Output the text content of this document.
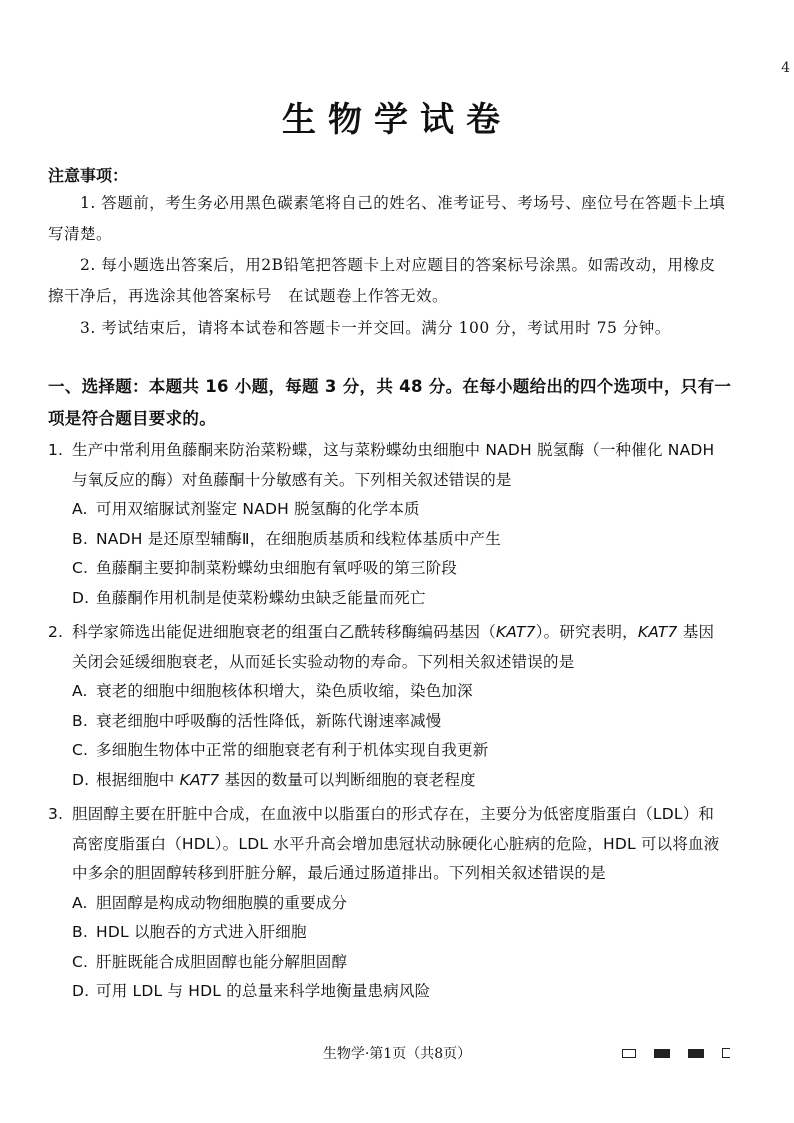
4
生物学试卷
注意事项：
1. 答题前，考生务必用黑色碳素笔将自己的姓名、准考证号、考场号、座位号在答题卡上填写清楚。
2. 每小题选出答案后，用2B铅笔把答题卡上对应题目的答案标号涂黑。如需改动，用橡皮擦干净后，再选涂其他答案标号　在试题卷上作答无效。
3. 考试结束后，请将本试卷和答题卡一并交回。满分 100 分，考试用时 75 分钟。
一、选择题：本题共 16 小题，每题 3 分，共 48 分。在每小题给出的四个选项中，只有一项是符合题目要求的。
1. 生产中常利用鱼藤酮来防治菜粉蝶，这与菜粉蝶幼虫细胞中 NADH 脱氢酶（一种催化 NADH 与氧反应的酶）对鱼藤酮十分敏感有关。下列相关叙述错误的是
A. 可用双缩脲试剂鉴定 NADH 脱氢酶的化学本质
B. NADH 是还原型辅酶Ⅱ，在细胞质基质和线粒体基质中产生
C. 鱼藤酮主要抑制菜粉蝶幼虫细胞有氧呼吸的第三阶段
D. 鱼藤酮作用机制是使菜粉蝶幼虫缺乏能量而死亡
2. 科学家筛选出能促进细胞衰老的组蛋白乙酰转移酶编码基因（KAT7）。研究表明，KAT7 基因关闭会延缓细胞衰老，从而延长实验动物的寿命。下列相关叙述错误的是
A. 衰老的细胞中细胞核体积增大，染色质收缩，染色加深
B. 衰老细胞中呼吸酶的活性降低，新陈代谢速率减慢
C. 多细胞生物体中正常的细胞衰老有利于机体实现自我更新
D. 根据细胞中 KAT7 基因的数量可以判断细胞的衰老程度
3. 胆固醇主要在肝脏中合成，在血液中以脂蛋白的形式存在，主要分为低密度脂蛋白（LDL）和高密度脂蛋白（HDL）。LDL 水平升高会增加患冠状动脉硬化心脏病的危险，HDL 可以将血液中多余的胆固醇转移到肝脏分解，最后通过肠道排出。下列相关叙述错误的是
A. 胆固醇是构成动物细胞膜的重要成分
B. HDL 以胞吞的方式进入肝细胞
C. 肝脏既能合成胆固醇也能分解胆固醇
D. 可用 LDL 与 HDL 的总量来科学地衡量患病风险
生物学·第1页（共8页）
